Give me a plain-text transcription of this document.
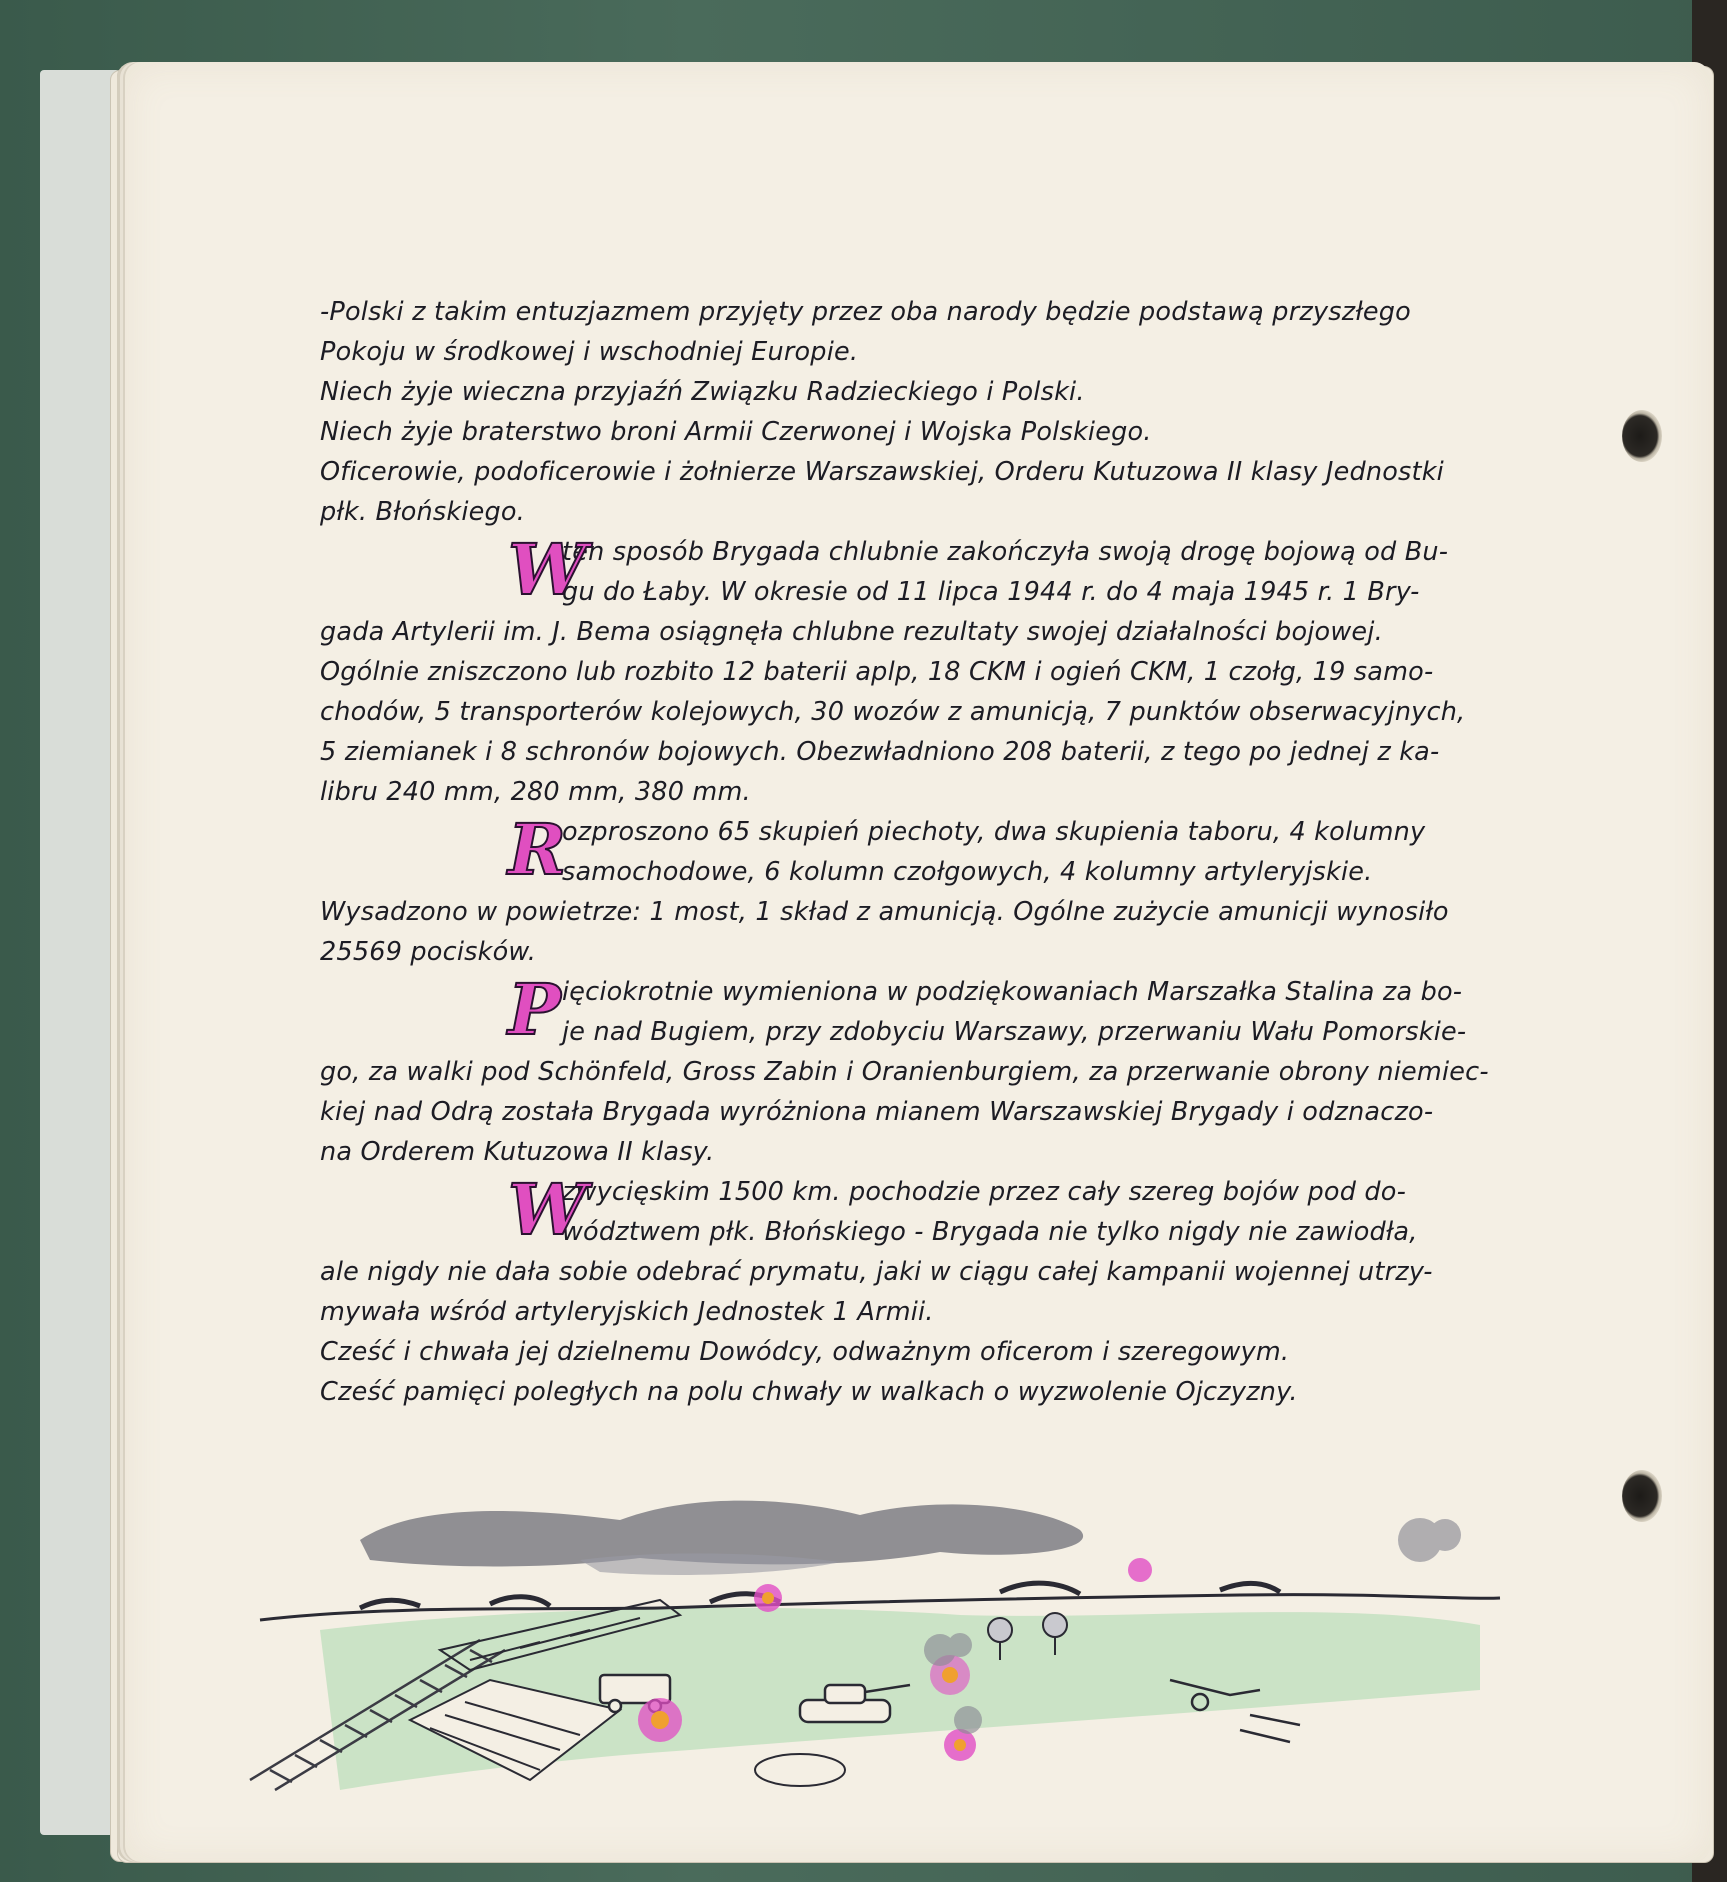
-Polski z takim entuzjazmem przyjęty przez oba narody będzie podstawą przyszłego
Pokoju w środkowej i wschodniej Europie.
Niech żyje wieczna przyjaźń Związku Radzieckiego i Polski.
Niech żyje braterstwo broni Armii Czerwonej i Wojska Polskiego.
Oficerowie, podoficerowie i żołnierze Warszawskiej, Orderu Kutuzowa II klasy Jednostki
płk. Błońskiego.
W
ten sposób Brygada chlubnie zakończyła swoją drogę bojową od Bu-
gu do Łaby. W okresie od 11 lipca 1944 r. do 4 maja 1945 r. 1 Bry-
gada Artylerii im. J. Bema osiągnęła chlubne rezultaty swojej działalności bojowej.
Ogólnie zniszczono lub rozbito 12 baterii aplp, 18 CKM i ogień CKM, 1 czołg, 19 samo-
chodów, 5 transporterów kolejowych, 30 wozów z amunicją, 7 punktów obserwacyjnych,
5 ziemianek i 8 schronów bojowych. Obezwładniono 208 baterii, z tego po jednej z ka-
libru 240 mm, 280 mm, 380 mm.
R
ozproszono 65 skupień piechoty, dwa skupienia taboru, 4 kolumny
samochodowe, 6 kolumn czołgowych, 4 kolumny artyleryjskie.
Wysadzono w powietrze: 1 most, 1 skład z amunicją. Ogólne zużycie amunicji wynosiło
25569 pocisków.
P ięciokrotnie wymieniona w podziękowaniach Marszałka Stalina za bo-
je nad Bugiem, przy zdobyciu Warszawy, przerwaniu Wału Pomorskie-
go, za walki pod Schönfeld, Gross Zabin i Oranienburgiem, za przerwanie obrony niemiec-
kiej nad Odrą została Brygada wyróżniona mianem Warszawskiej Brygady i odznaczo-
na Orderem Kutuzowa II klasy.
W
zwycięskim 1500 km. pochodzie przez cały szereg bojów pod do-
wództwem płk. Błońskiego - Brygada nie tylko nigdy nie zawiodła,
ale nigdy nie dała sobie odebrać prymatu, jaki w ciągu całej kampanii wojennej utrzy-
mywała wśród artyleryjskich Jednostek 1 Armii.
Cześć i chwała jej dzielnemu Dowódcy, odważnym oficerom i szeregowym.
Cześć pamięci poległych na polu chwały w walkach o wyzwolenie Ojczyzny.
